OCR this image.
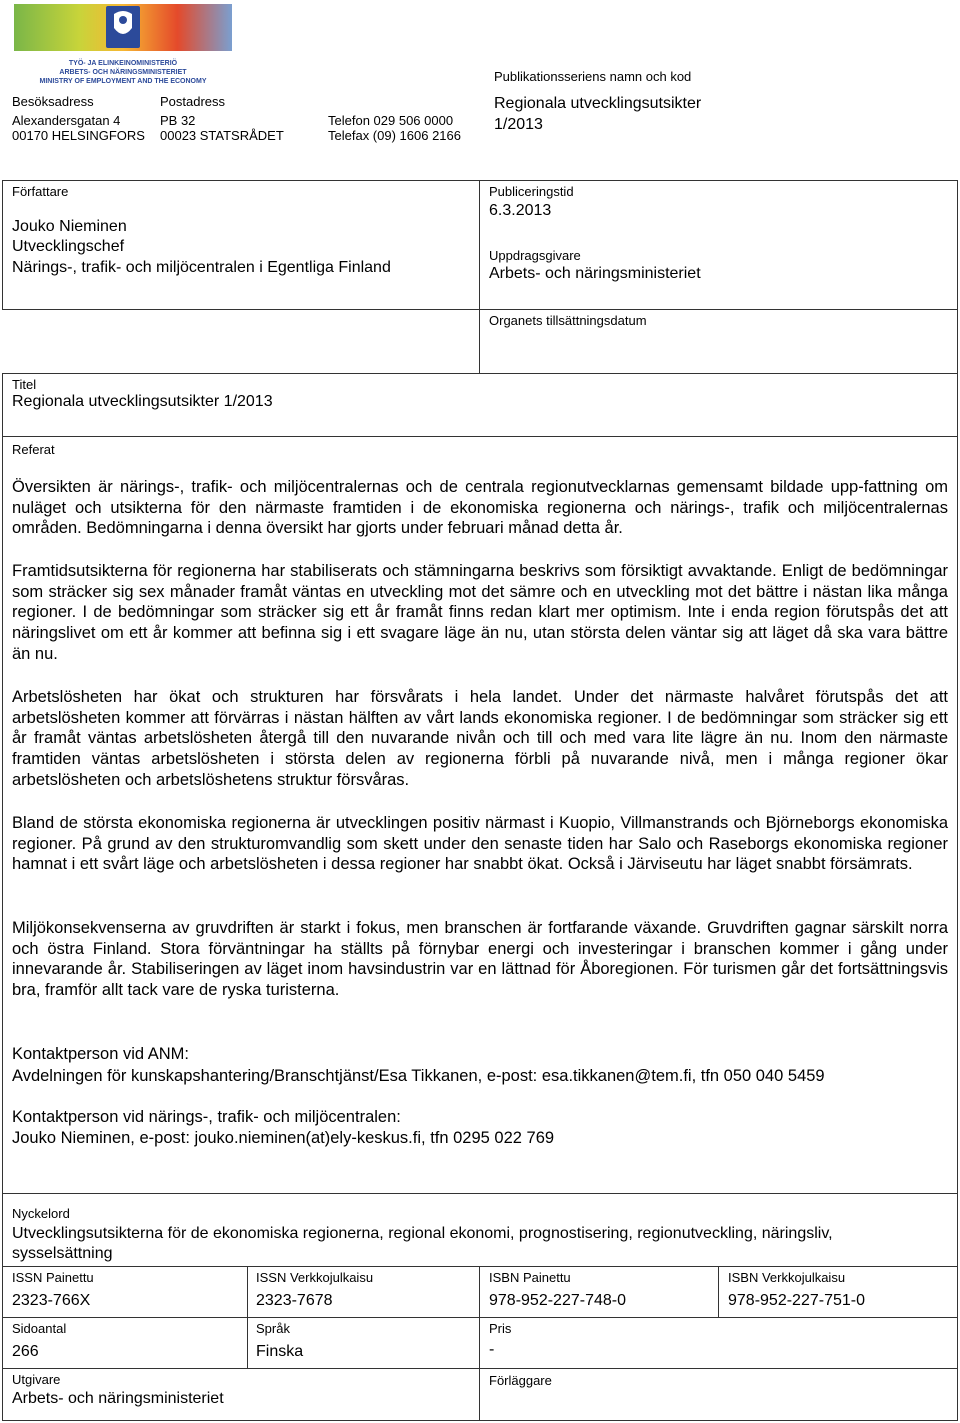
TYÖ- JA ELINKEINOMINISTERIÖ
ARBETS- OCH NÄRINGSMINISTERIET
MINISTRY OF EMPLOYMENT AND THE ECONOMY
Besöksadress
Alexandersgatan 4
00170 HELSINGFORS
Postadress
PB 32
00023 STATSRÅDET
Telefon 029 506 0000
Telefax (09) 1606 2166
Publikationsseriens namn och kod
Regionala utvecklingsutsikter
1/2013
Författare
Jouko Nieminen
Utvecklingschef
Närings-, trafik- och miljöcentralen i Egentliga Finland
Publiceringstid
6.3.2013
Uppdragsgivare
Arbets- och näringsministeriet
Organets tillsättningsdatum
Titel
Regionala utvecklingsutsikter 1/2013
Referat

Översikten är närings-, trafik- och miljöcentralernas och de centrala regionutvecklarnas gemensamt bildade upp-fattning om nuläget och utsikterna för den närmaste framtiden i de ekonomiska regionerna och närings-, trafik och miljöcentralernas områden. Bedömningarna i denna översikt har gjorts under februari månad detta år.

Framtidsutsikterna för regionerna har stabiliserats och stämningarna beskrivs som försiktigt avvaktande. Enligt de bedömningar som sträcker sig sex månader framåt väntas en utveckling mot det sämre och en utveckling mot det bättre i nästan lika många regioner. I de bedömningar som sträcker sig ett år framåt finns redan klart mer optimism. Inte i enda region förutspås det att näringslivet om ett år kommer att befinna sig i ett svagare läge än nu, utan största delen väntar sig att läget då ska vara bättre än nu.

Arbetslösheten har ökat och strukturen har försvårats i hela landet. Under det närmaste halvåret förutspås det att arbetslösheten kommer att förvärras i nästan hälften av vårt lands ekonomiska regioner. I de bedömningar som sträcker sig ett år framåt väntas arbetslösheten återgå till den nuvarande nivån och till och med vara lite lägre än nu. Inom den närmaste framtiden väntas arbetslösheten i största delen av regionerna förbli på nuvarande nivå, men i många regioner ökar arbetslösheten och arbetslöshetens struktur försvåras.

Bland de största ekonomiska regionerna är utvecklingen positiv närmast i Kuopio, Villmanstrands och Björneborgs ekonomiska regioner. På grund av den strukturomvandlig som skett under den senaste tiden har Salo och Raseborgs ekonomiska regioner hamnat i ett svårt läge och arbetslösheten i dessa regioner har snabbt ökat. Också i Järviseutu har läget snabbt försämrats.

Miljökonsekvenserna av gruvdriften är starkt i fokus, men branschen är fortfarande växande. Gruvdriften gagnar särskilt norra och östra Finland. Stora förväntningar ha ställts på förnybar energi och investeringar i branschen kommer i gång under innevarande år. Stabiliseringen av läget inom havsindustrin var en lättnad för Åboregionen. För turismen går det fortsättningsvis bra, framför allt tack vare de ryska turisterna.

Kontaktperson vid ANM:
Avdelningen för kunskapshantering/Branschtjänst/Esa Tikkanen, e-post: esa.tikkanen@tem.fi, tfn 050 040 5459
Kontaktperson vid närings-, trafik- och miljöcentralen:
Jouko Nieminen, e-post: jouko.nieminen(at)ely-keskus.fi, tfn 0295 022 769
Nyckelord
Utvecklingsutsikterna för de ekonomiska regionerna, regional ekonomi, prognostisering, regionutveckling, näringsliv, sysselsättning
ISSN Painettu
2323-766X
ISSN Verkkojulkaisu
2323-7678
ISBN Painettu
978-952-227-748-0
ISBN Verkkojulkaisu
978-952-227-751-0
Sidoantal
266
Språk
Finska
Pris
-
Utgivare
Arbets- och näringsministeriet
Förläggare
